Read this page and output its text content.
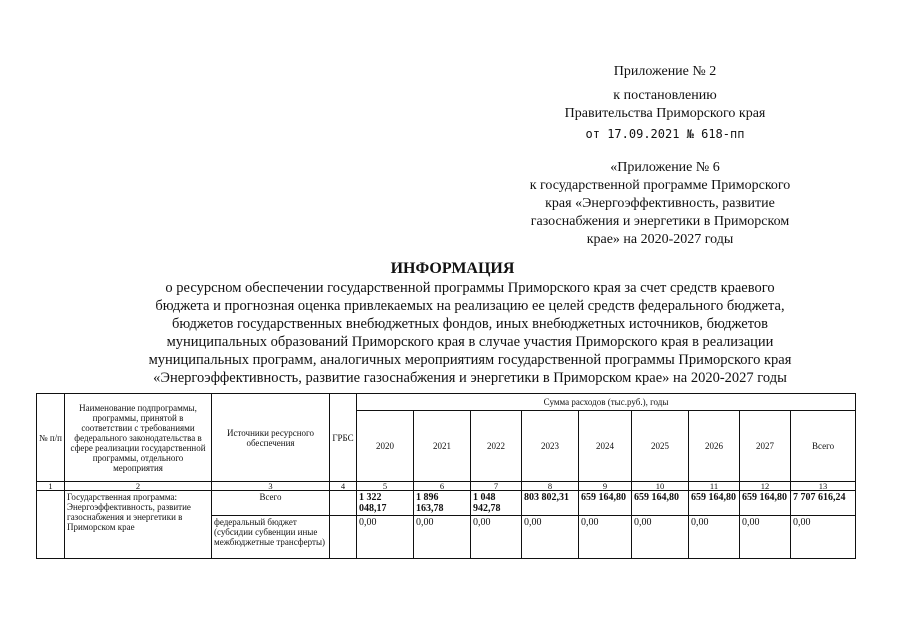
Приложение № 2
к постановлению
Правительства Приморского края
от 17.09.2021 № 618-пп
«Приложение № 6
к государственной программе Приморского
края «Энергоэффективность, развитие
газоснабжения и энергетики в Приморском
крае» на 2020-2027 годы
ИНФОРМАЦИЯ
о ресурсном обеспечении государственной программы Приморского края за счет средств краевого
бюджета и прогнозная оценка привлекаемых на реализацию ее целей средств федерального бюджета,
бюджетов государственных внебюджетных фондов, иных внебюджетных источников, бюджетов
муниципальных образований Приморского края в случае участия Приморского края в реализации
муниципальных программ, аналогичных мероприятиям государственной программы Приморского края
«Энергоэффективность, развитие газоснабжения и энергетики в Приморском крае» на 2020-2027 годы
№ п/п	Наименование подпрограммы, программы, принятой в соответствии с требованиями федерального законодательства в сфере реализации государственной программы, отдельного мероприятия	Источники ресурсного обеспечения	ГРБС	Сумма расходов (тыс.руб.), годы								
				2020	2021	2022	2023	2024	2025	2026	2027	Всего
1	2	3	4	5	6	7	8	9	10	11	12	13
	Государственная программа: Энергоэффективность, развитие газоснабжения и энергетики в Приморском крае	Всего		1 322 048,17	1 896 163,78	1 048 942,78	803 802,31	659 164,80	659 164,80	659 164,80	659 164,80	7 707 616,24
		федеральный бюджет (субсидии субвенции иные межбюджетные трансферты)		0,00	0,00	0,00	0,00	0,00	0,00	0,00	0,00	0,00
